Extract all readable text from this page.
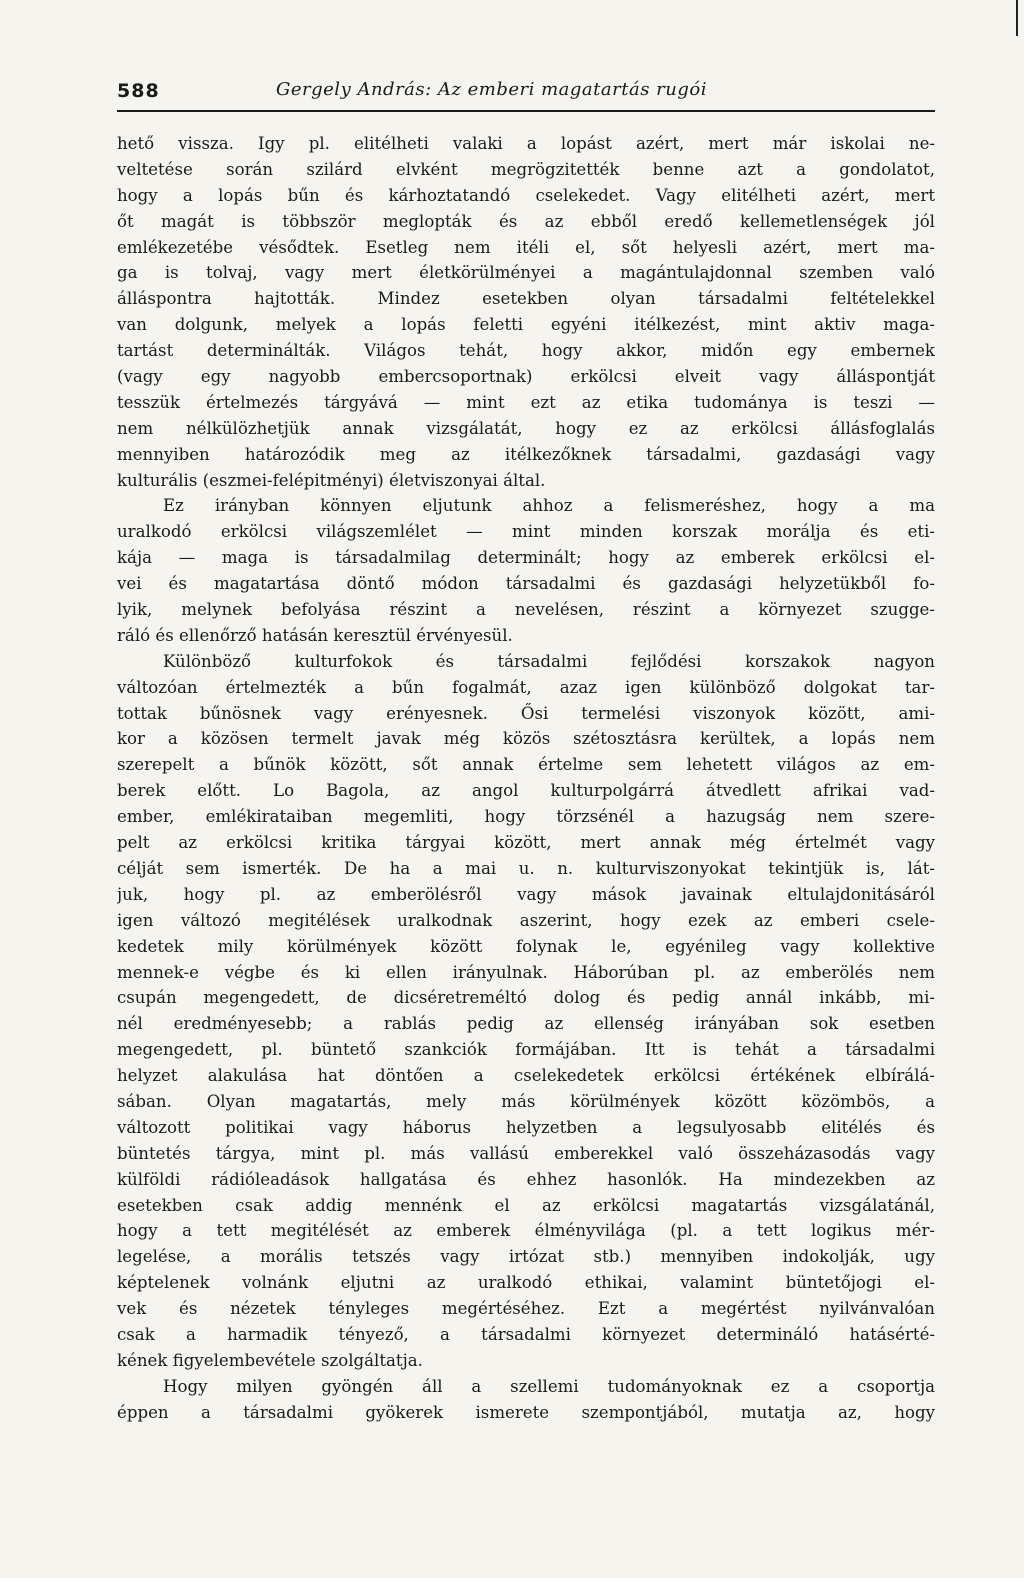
588	Gergely András: Az emberi magatartás rugói
hető vissza. Igy pl. elitélheti valaki a lopást azért, mert már iskolai ne-
veltetése során szilárd elvként megrögzitették benne azt a gondolatot,
hogy a lopás bűn és kárhoztatandó cselekedet. Vagy elitélheti azért, mert
őt magát is többször meglopták és az ebből eredő kellemetlenségek jól
emlékezetébe vésődtek. Esetleg nem itéli el, sőt helyesli azért, mert ma-
ga is tolvaj, vagy mert életkörülményei a magántulajdonnal szemben való
álláspontra hajtották. Mindez esetekben olyan társadalmi feltételekkel
van dolgunk, melyek a lopás feletti egyéni itélkezést, mint aktiv maga-
tartást determinálták. Világos tehát, hogy akkor, midőn egy embernek
(vagy egy nagyobb embercsoportnak) erkölcsi elveit vagy álláspontját
tesszük értelmezés tárgyává — mint ezt az etika tudománya is teszi —
nem nélkülözhetjük annak vizsgálatát, hogy ez az erkölcsi állásfoglalás
mennyiben határozódik meg az itélkezőknek társadalmi, gazdasági vagy
kulturális (eszmei-felépitményi) életviszonyai által.
Ez irányban könnyen eljutunk ahhoz a felismeréshez, hogy a ma
uralkodó erkölcsi világszemlélet — mint minden korszak morálja és eti-
kája — maga is társadalmilag determinált; hogy az emberek erkölcsi el-
vei és magatartása döntő módon társadalmi és gazdasági helyzetükből fo-
lyik, melynek befolyása részint a nevelésen, részint a környezet szugge-
ráló és ellenőrző hatásán keresztül érvényesül.
Különböző kulturfokok és társadalmi fejlődési korszakok nagyon
változóan értelmezték a bűn fogalmát, azaz igen különböző dolgokat tar-
tottak bűnösnek vagy erényesnek. Ősi termelési viszonyok között, ami-
kor a közösen termelt javak még közös szétosztásra kerültek, a lopás nem
szerepelt a bűnök között, sőt annak értelme sem lehetett világos az em-
berek előtt. Lo Bagola, az angol kulturpolgárrá átvedlett afrikai vad-
ember, emlékirataiban megemliti, hogy törzsénél a hazugság nem szere-
pelt az erkölcsi kritika tárgyai között, mert annak még értelmét vagy
célját sem ismerték. De ha a mai u. n. kulturviszonyokat tekintjük is, lát-
juk, hogy pl. az emberölésről vagy mások javainak eltulajdonitásáról
igen változó megitélések uralkodnak aszerint, hogy ezek az emberi csele-
kedetek mily körülmények között folynak le, egyénileg vagy kollektive
mennek-e végbe és ki ellen irányulnak. Háborúban pl. az emberölés nem
csupán megengedett, de dicséretreméltó dolog és pedig annál inkább, mi-
nél eredményesebb; a rablás pedig az ellenség irányában sok esetben
megengedett, pl. büntető szankciók formájában. Itt is tehát a társadalmi
helyzet alakulása hat döntően a cselekedetek erkölcsi értékének elbírálá-
sában. Olyan magatartás, mely más körülmények között közömbös, a
változott politikai vagy háborus helyzetben a legsulyosabb elitélés és
büntetés tárgya, mint pl. más vallású emberekkel való összeházasodás vagy
külföldi rádióleadások hallgatása és ehhez hasonlók. Ha mindezekben az
esetekben csak addig mennénk el az erkölcsi magatartás vizsgálatánál,
hogy a tett megitélését az emberek élményvilága (pl. a tett logikus mér-
legelése, a morális tetszés vagy irtózat stb.) mennyiben indokolják, ugy
képtelenek volnánk eljutni az uralkodó ethikai, valamint büntetőjogi el-
vek és nézetek tényleges megértéséhez. Ezt a megértést nyilvánvalóan
csak a harmadik tényező, a társadalmi környezet determináló hatásérté-
kének figyelembevétele szolgáltatja.
Hogy milyen gyöngén áll a szellemi tudományoknak ez a csoportja
éppen a társadalmi gyökerek ismerete szempontjából, mutatja az, hogy
